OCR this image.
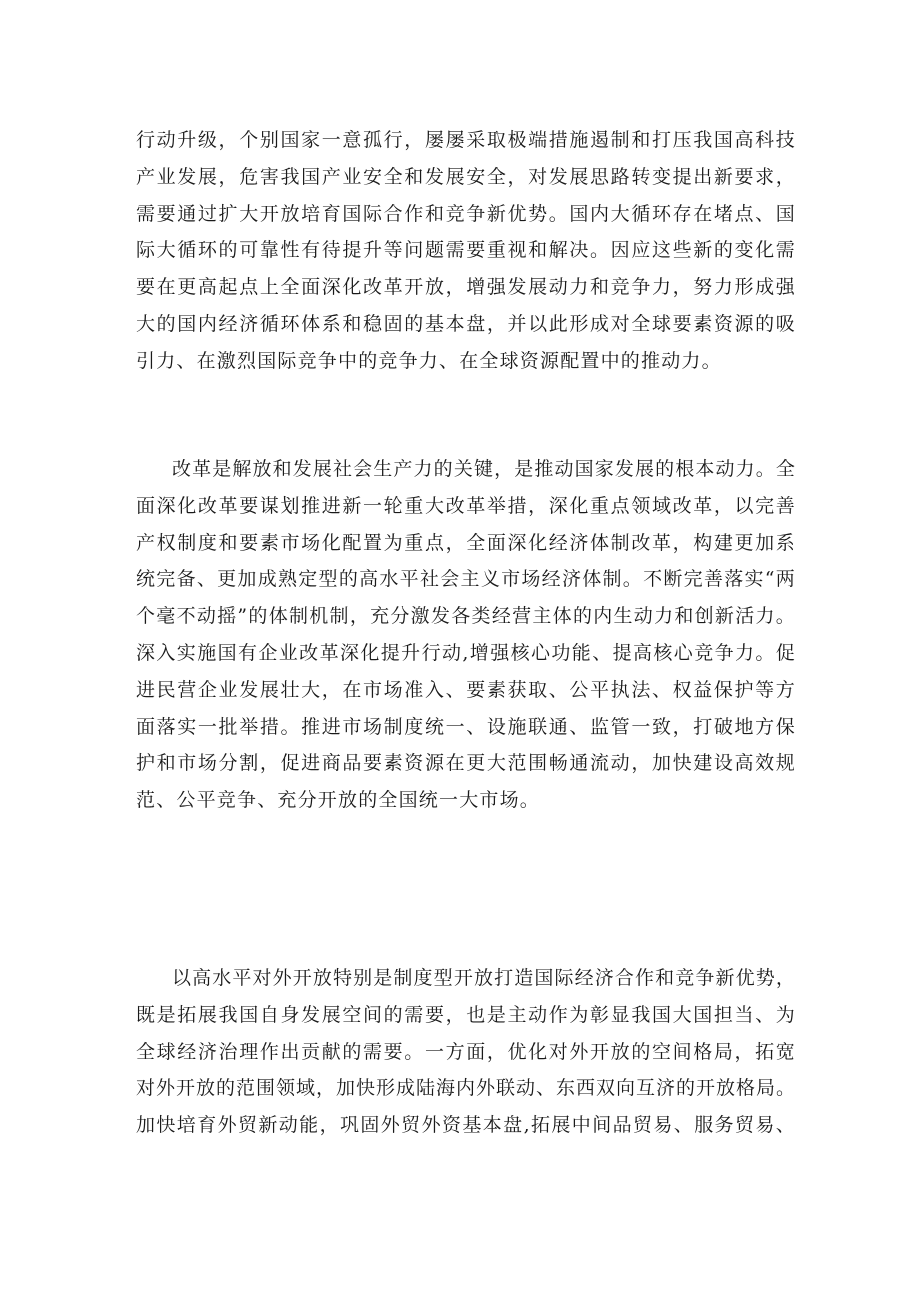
行动升级，个别国家一意孤行，屡屡采取极端措施遏制和打压我国高科技
产业发展，危害我国产业安全和发展安全，对发展思路转变提出新要求，
需要通过扩大开放培育国际合作和竞争新优势。国内大循环存在堵点、国
际大循环的可靠性有待提升等问题需要重视和解决。因应这些新的变化需
要在更高起点上全面深化改革开放，增强发展动力和竞争力，努力形成强
大的国内经济循环体系和稳固的基本盘，并以此形成对全球要素资源的吸
引力、在激烈国际竞争中的竞争力、在全球资源配置中的推动力。
改革是解放和发展社会生产力的关键，是推动国家发展的根本动力。全
面深化改革要谋划推进新一轮重大改革举措，深化重点领域改革，以完善
产权制度和要素市场化配置为重点，全面深化经济体制改革，构建更加系
统完备、更加成熟定型的高水平社会主义市场经济体制。不断完善落实“两
个毫不动摇”的体制机制，充分激发各类经营主体的内生动力和创新活力。
深入实施国有企业改革深化提升行动,增强核心功能、提高核心竞争力。促
进民营企业发展壮大，在市场准入、要素获取、公平执法、权益保护等方
面落实一批举措。推进市场制度统一、设施联通、监管一致，打破地方保
护和市场分割，促进商品要素资源在更大范围畅通流动，加快建设高效规
范、公平竞争、充分开放的全国统一大市场。
以高水平对外开放特别是制度型开放打造国际经济合作和竞争新优势，
既是拓展我国自身发展空间的需要，也是主动作为彰显我国大国担当、为
全球经济治理作出贡献的需要。一方面，优化对外开放的空间格局，拓宽
对外开放的范围领域，加快形成陆海内外联动、东西双向互济的开放格局。
加快培育外贸新动能，巩固外贸外资基本盘,拓展中间品贸易、服务贸易、
